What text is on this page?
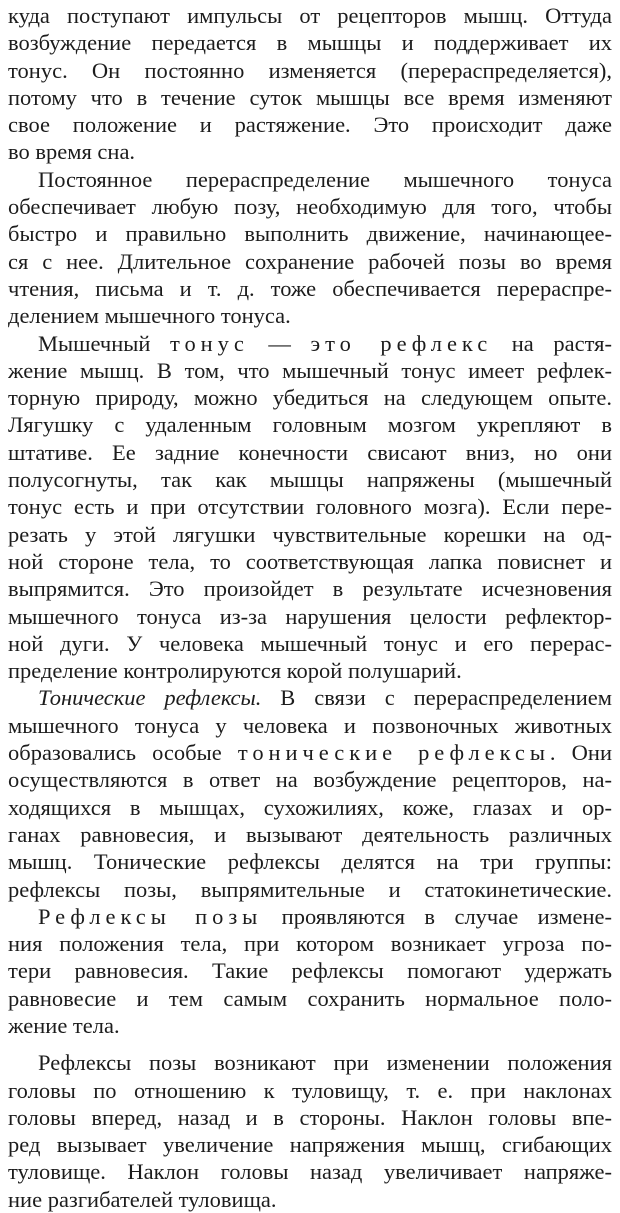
куда поступают импульсы от рецепторов мышц. Оттуда
возбуждение передается в мышцы и поддерживает их
тонус. Он постоянно изменяется (перераспределяется),
потому что в течение суток мышцы все время изменяют
свое положение и растяжение. Это происходит даже
во время сна.

Постоянное перераспределение мышечного тонуса
обеспечивает любую позу, необходимую для того, чтобы
быстро и правильно выполнить движение, начинающее-
ся с нее. Длительное сохранение рабочей позы во время
чтения, письма и т. д. тоже обеспечивается перераспре-
делением мышечного тонуса.

Мышечный тонус — это рефлекс на растя-
жение мышц. В том, что мышечный тонус имеет рефлек-
торную природу, можно убедиться на следующем опыте.
Лягушку с удаленным головным мозгом укрепляют в
штативе. Ее задние конечности свисают вниз, но они
полусогнуты, так как мышцы напряжены (мышечный
тонус есть и при отсутствии головного мозга). Если пере-
резать у этой лягушки чувствительные корешки на од-
ной стороне тела, то соответствующая лапка повиснет и
выпрямится. Это произойдет в результате исчезновения
мышечного тонуса из-за нарушения целости рефлектор-
ной дуги. У человека мышечный тонус и его перерас-
пределение контролируются корой полушарий.

Тонические рефлексы. В связи с перераспределением
мышечного тонуса у человека и позвоночных животных
образовались особые тонические рефлексы. Они
осуществляются в ответ на возбуждение рецепторов, на-
ходящихся в мышцах, сухожилиях, коже, глазах и ор-
ганах равновесия, и вызывают деятельность различных
мышц. Тонические рефлексы делятся на три группы:
рефлексы позы, выпрямительные и статокинетические.

Рефлексы позы проявляются в случае измене-
ния положения тела, при котором возникает угроза по-
тери равновесия. Такие рефлексы помогают удержать
равновесие и тем самым сохранить нормальное поло-
жение тела.

Рефлексы позы возникают при изменении положения
головы по отношению к туловищу, т. е. при наклонах
головы вперед, назад и в стороны. Наклон головы впе-
ред вызывает увеличение напряжения мышц, сгибающих
туловище. Наклон головы назад увеличивает напряже-
ние разгибателей туловища.
